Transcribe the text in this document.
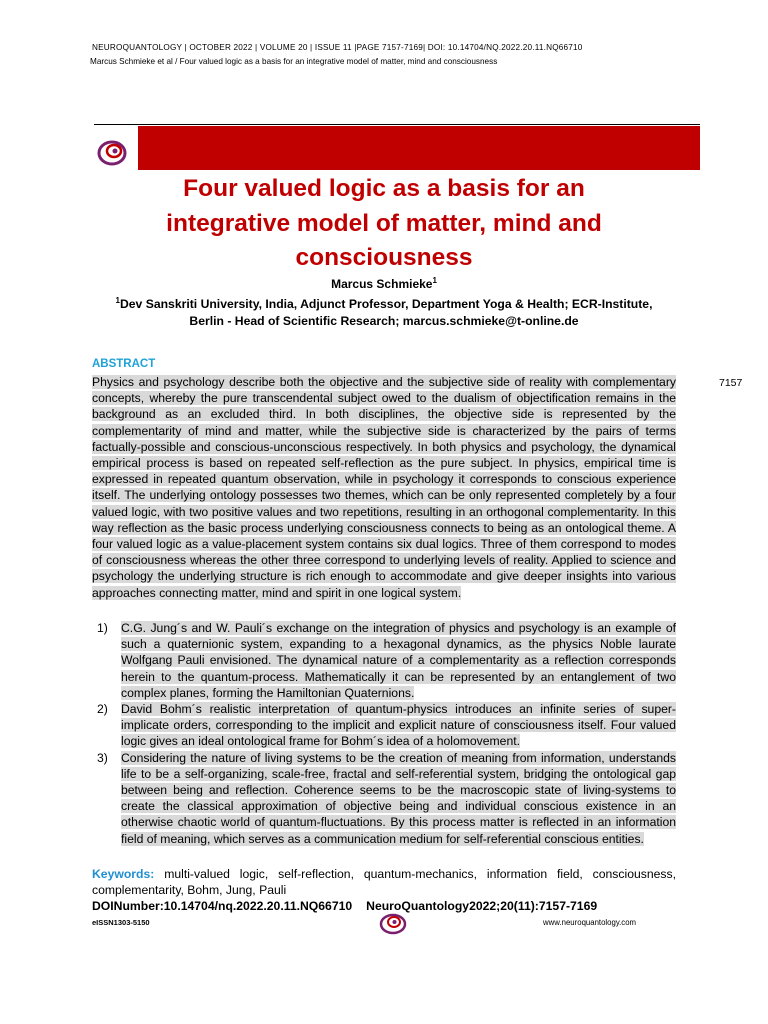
NEUROQUANTOLOGY | OCTOBER 2022 | VOLUME 20 | ISSUE 11 |PAGE 7157-7169| DOI: 10.14704/NQ.2022.20.11.NQ66710
Marcus Schmieke et al / Four valued logic as a basis for an integrative model of matter, mind and consciousness
Four valued logic as a basis for an
integrative model of matter, mind and
consciousness
Marcus Schmieke$^1$
$^1$Dev Sanskriti University, India, Adjunct Professor, Department Yoga & Health; ECR-Institute,
Berlin - Head of Scientific Research; marcus.schmieke@t-online.de
ABSTRACT

Physics and psychology describe both the objective and the subjective side of reality with complementary concepts, whereby the pure transcendental subject owed to the dualism of objectification remains in the background as an excluded third. In both disciplines, the objective side is represented by the complementarity of mind and matter, while the subjective side is characterized by the pairs of terms factually-possible and conscious-unconscious respectively. In both physics and psychology, the dynamical empirical process is based on repeated self-reflection as the pure subject. In physics, empirical time is expressed in repeated quantum observation, while in psychology it corresponds to conscious experience itself. The underlying ontology possesses two themes, which can be only represented completely by a four valued logic, with two positive values and two repetitions, resulting in an orthogonal complementarity. In this way reflection as the basic process underlying consciousness connects to being as an ontological theme. A four valued logic as a value-placement system contains six dual logics. Three of them correspond to modes of consciousness whereas the other three correspond to underlying levels of reality. Applied to science and psychology the underlying structure is rich enough to accommodate and give deeper insights into various approaches connecting matter, mind and spirit in one logical system.

1) C.G. Jung´s and W. Pauli´s exchange on the integration of physics and psychology is an example of such a quaternionic system, expanding to a hexagonal dynamics, as the physics Noble laurate Wolfgang Pauli envisioned. The dynamical nature of a complementarity as a reflection corresponds herein to the quantum-process. Mathematically it can be represented by an entanglement of two complex planes, forming the Hamiltonian Quaternions.
2) David Bohm´s realistic interpretation of quantum-physics introduces an infinite series of super-implicate orders, corresponding to the implicit and explicit nature of consciousness itself. Four valued logic gives an ideal ontological frame for Bohm´s idea of a holomovement.
3) Considering the nature of living systems to be the creation of meaning from information, understands life to be a self-organizing, scale-free, fractal and self-referential system, bridging the ontological gap between being and reflection. Coherence seems to be the macroscopic state of living-systems to create the classical approximation of objective being and individual conscious existence in an otherwise chaotic world of quantum-fluctuations. By this process matter is reflected in an information field of meaning, which serves as a communication medium for self-referential conscious entities.
7157

Keywords: multi-valued logic, self-reflection, quantum-mechanics, information field, consciousness, complementarity, Bohm, Jung, Pauli

DOINumber:10.14704/nq.2022.20.11.NQ66710 NeuroQuantology2022;20(11):7157-7169
eISSN1303-5150	www.neuroquantology.com
